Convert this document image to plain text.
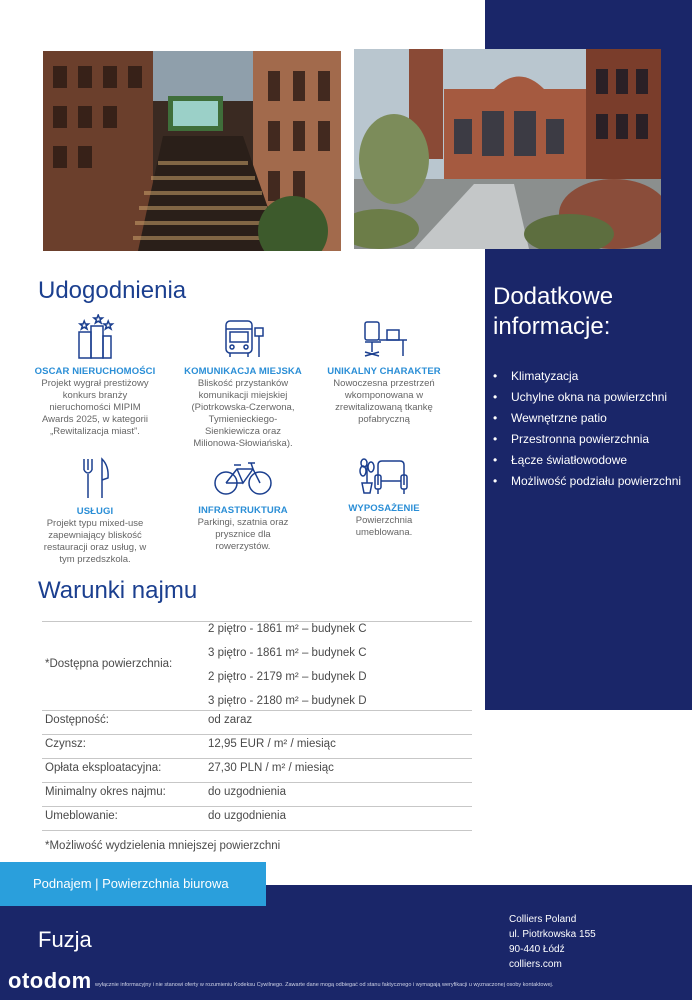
Udogodnienia
OSCAR NIERUCHOMOŚCI
Projekt wygrał prestiżowy
konkurs branży
nieruchomości MIPIM
Awards 2025, w kategorii
„Rewitalizacja miast”.
KOMUNIKACJA MIEJSKA
Bliskość przystanków
komunikacji miejskiej
(Piotrkowska-Czerwona,
Tymienieckiego-
Sienkiewicza oraz
Milionowa-Słowiańska).
UNIKALNY CHARAKTER
Nowoczesna przestrzeń
wkomponowana w
zrewitalizowaną tkankę
pofabryczną
USŁUGI
Projekt typu mixed-use
zapewniający bliskość
restauracji oraz usług, w
tym przedszkola.
INFRASTRUKTURA
Parkingi, szatnia oraz
prysznice dla
rowerzystów.
WYPOSAŻENIE
Powierzchnia
umeblowana.
Dodatkowe
informacje:
• Klimatyzacja
• Uchylne okna na powierzchni
• Wewnętrzne patio
• Przestronna powierzchnia
• Łącze światłowodowe
• Możliwość podziału powierzchni
Warunki najmu
*Dostępna powierzchnia:
2 piętro - 1861 m² – budynek C
3 piętro - 1861 m² – budynek C
2 piętro - 2179 m² – budynek D
3 piętro - 2180 m² – budynek D
Dostępność:	od zaraz
Czynsz:	12,95 EUR / m² / miesiąc
Opłata eksploatacyjna:	27,30 PLN / m² / miesiąc
Minimalny okres najmu:	do uzgodnienia
Umeblowanie:	do uzgodnienia
*Możliwość wydzielenia mniejszej powierzchni
Podnajem | Powierzchnia biurowa
Fuzja
Colliers Poland
ul. Piotrkowska 155
90-440 Łódź
colliers.com
wyłącznie informacyjny i nie stanowi oferty w rozumieniu Kodeksu Cywilnego. Zawarte dane mogą odbiegać od stanu faktycznego i wymagają weryfikacji u wyznaczonej osoby kontaktowej.
otodom
